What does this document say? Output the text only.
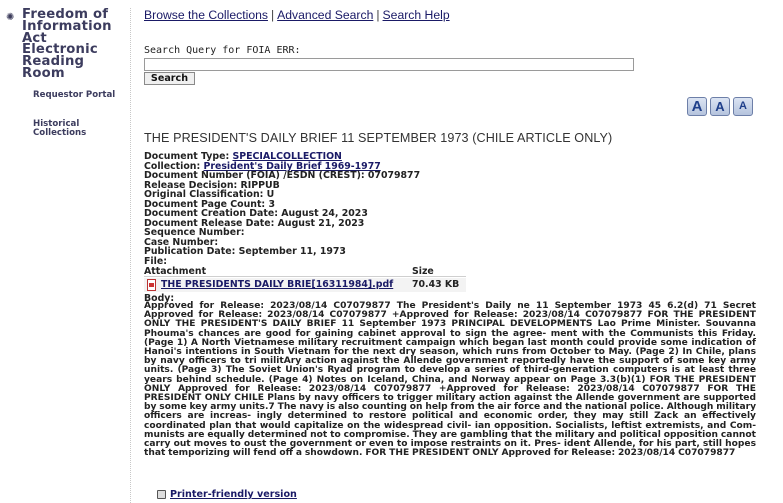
✺ Freedom of Information Act Electronic Reading Room
Requestor Portal
Historical Collections
Browse the Collections | Advanced Search | Search Help
Search Query for FOIA ERR:
Search
A A	A
THE PRESIDENT'S DAILY BRIEF 11 SEPTEMBER 1973 (CHILE ARTICLE ONLY)
Document Type: SPECIALCOLLECTION
Collection: President's Daily Brief 1969-1977
Document Number (FOIA) /ESDN (CREST): 07079877
Release Decision: RIPPUB
Original Classification: U
Document Page Count: 3
Document Creation Date: August 24, 2023
Document Release Date: August 21, 2023
Sequence Number:
Case Number:
Publication Date: September 11, 1973
File:
Attachment	Size
THE PRESIDENTS DAILY BRIE[16311984].pdf 70.43 KB
Body:
Approved for Release: 2023/08/14 C07079877 The President's Daily ne 11 September 1973 45 6.2(d) 71 Secret Approved for Release: 2023/08/14 C07079877 +Approved for Release: 2023/08/14 C07079877 FOR THE PRESIDENT ONLY THE PRESIDENT'S DAILY BRIEF 11 September 1973 PRINCIPAL DEVELOPMENTS Lao Prime Minister. Souvanna Phouma's chances are good for gaining cabinet approval to sign the agree- ment with the Communists this Friday. (Page 1) A North Vietnamese military recruitment campaign which began last month could provide some indication of Hanoi's intentions in South Vietnam for the next dry season, which runs from October to May. (Page 2) In Chile, plans by navy officers to tri militAry action against the Allende government reportedly have the support of some key army units. (Page 3) The Soviet Union's Ryad program to develop a series of third-generation computers is at least three years behind schedule. (Page 4) Notes on Iceland, China, and Norway appear on Page 3.3(b)(1) FOR THE PRESIDENT ONLY Approved for Release: 2023/08/14 C07079877 +Approved for Release: 2023/08/14 C07079877 FOR THE PRESIDENT ONLY CHILE Plans by navy officers to trigger military action against the Allende government are supported by some key army units.7 The navy is also counting on help from the air force and the national police. Although military officers are increas- ingly determined to restore political and economic order, they may still Zack an effectively coordinated plan that would capitalize on the widespread civil- ian opposition. Socialists, leftist extremists, and Com- munists are equally determined not to compromise. They are gambling that the military and political opposition cannot carry out moves to oust the government or even to impose restraints on it. Pres- ident Allende, for his part, still hopes that temporizing will fend off a showdown. FOR THE PRESIDENT ONLY Approved for Release: 2023/08/14 C07079877
Printer-friendly version
